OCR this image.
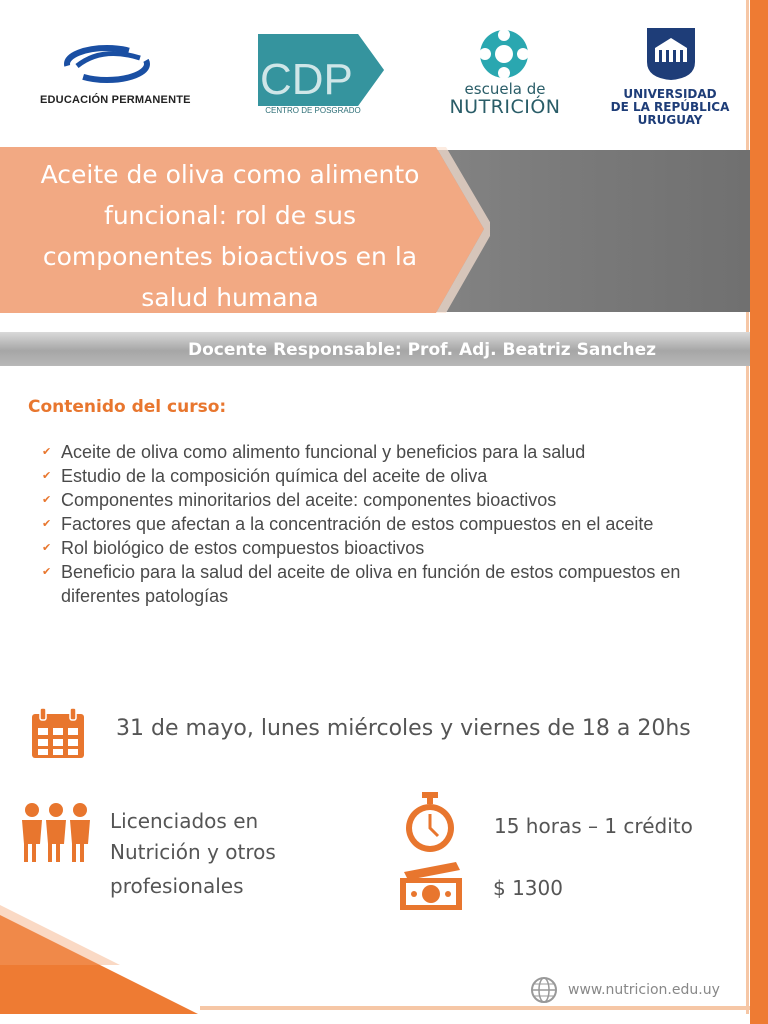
EDUCACIÓN PERMANENTE CDP
CENTRO DE POSGRADO
escuela de
NUTRICIÓN
UNIVERSIDAD
DE LA REPÚBLICA
URUGUAY
Aceite de oliva como alimento funcional: rol de sus componentes bioactivos en la salud humana
Docente Responsable: Prof. Adj. Beatriz Sanchez
Contenido del curso:
✔ Aceite de oliva como alimento funcional y beneficios para la salud
✔ Estudio de la composición química del aceite de oliva
✔ Componentes minoritarios del aceite: componentes bioactivos
✔ Factores que afectan a la concentración de estos compuestos en el aceite
✔ Rol biológico de estos compuestos bioactivos
✔ Beneficio para la salud del aceite de oliva en función de estos compuestos en diferentes patologías
31 de mayo, lunes miércoles y viernes de 18 a 20hs
Licenciados en Nutrición y otros
profesionales
15 horas – 1 crédito
$ 1300
www.nutricion.edu.uy
